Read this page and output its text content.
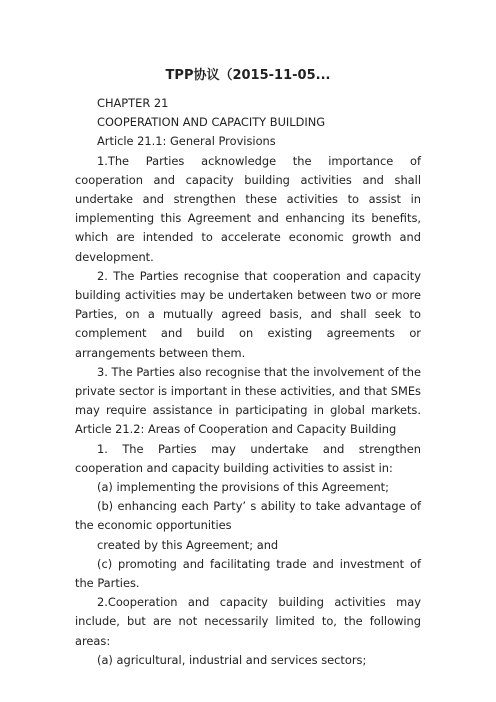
TPP协议（2015-11-05...

CHAPTER 21

COOPERATION AND CAPACITY BUILDING

Article 21.1: General Provisions

1.The Parties acknowledge the importance of cooperation and capacity building activities and shall undertake and strengthen these activities to assist in implementing this Agreement and enhancing its benefits, which are intended to accelerate economic growth and development.

2. The Parties recognise that cooperation and capacity building activities may be undertaken between two or more Parties, on a mutually agreed basis, and shall seek to complement and build on existing agreements or arrangements between them.

3. The Parties also recognise that the involvement of the private sector is important in these activities, and that SMEs may require assistance in participating in global markets. Article 21.2: Areas of Cooperation and Capacity Building

1. The Parties may undertake and strengthen cooperation and capacity building activities to assist in:

(a) implementing the provisions of this Agreement;

(b) enhancing each Party’ s ability to take advantage of the economic opportunities

created by this Agreement; and

(c) promoting and facilitating trade and investment of the Parties.

2.Cooperation and capacity building activities may include, but are not necessarily limited to, the following areas:

(a) agricultural, industrial and services sectors;
